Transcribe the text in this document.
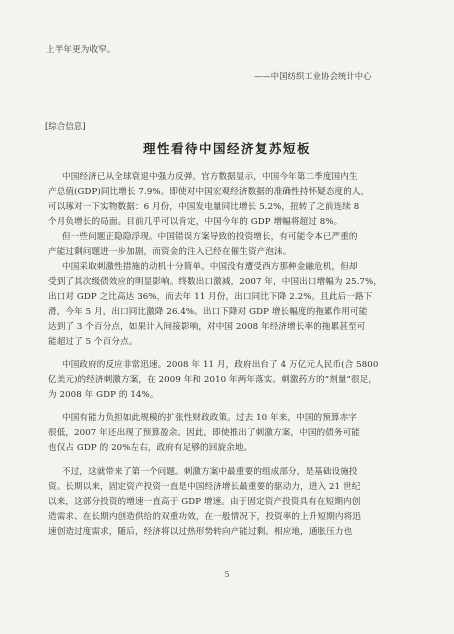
上半年更为收窄。
——中国纺织工业协会统计中心
[综合信息]
理性看待中国经济复苏短板
中国经济已从全球衰退中强力反弹。官方数据显示，中国今年第二季度国内生
产总值(GDP)同比增长 7.9%。即使对中国宏观经济数据的准确性持怀疑态度的人，
可以琢对一下实物数据：6 月份，中国发电量同比增长 5.2%，扭转了之前连续 8
个月负增长的局面。目前几乎可以肯定，中国今年的 GDP 增幅将超过 8%。
但一些问题正隐隐浮现。中国错误方案导致的投资增长，有可能令本已严重的
产能过剩问题进一步加剧，而资金的注入已经在催生资产泡沫。
中国采取刺激性措施的动机十分简单。中国没有遭受西方那种金融危机，但却
受到了其次级债效应的明显影响。终数出口激减，2007 年，中国出口增幅为 25.7%，
出口对 GDP 之比高达 36%，而去年 11 月份，出口同比下降 2.2%。且此后一路下
滑，今年 5 月，出口同比激降 26.4%。出口下降对 GDP 增长幅度的拖累作用可能
达到了 3 个百分点，如果计入间接影响，对中国 2008 年经济增长率的拖累甚至可
能超过了 5 个百分点。
中国政府的反应非常迅速。2008 年 11 月，政府出台了 4 万亿元人民币(合 5800
亿美元)的经济刺激方案，在 2009 年和 2010 年两年落实。刺激药方的“剂量”很足，
为 2008 年 GDP 的 14%。
中国有能力负担如此规模的扩张性财政政策。过去 10 年来，中国的预算赤字
很低，2007 年还出现了预算盈余。因此，即使推出了刺激方案，中国的债务可能
也仅占 GDP 的 20%左右，政府有足够的回旋余地。
不过，这就带来了第一个问题。刺激方案中最重要的组成部分，是基础设施投
资。长期以来，固定资产投资一直是中国经济增长最重要的驱动力，进入 21 世纪
以来，这部分投资的增速一直高于 GDP 增速。由于固定资产投资具有在短期内创
造需求、在长期内创造供给的双重功效，在一般情况下，投资率的上升短期内将迅
速创造过度需求，随后，经济将以过热形势转向产能过剩。相应地，通胀压力也
5
